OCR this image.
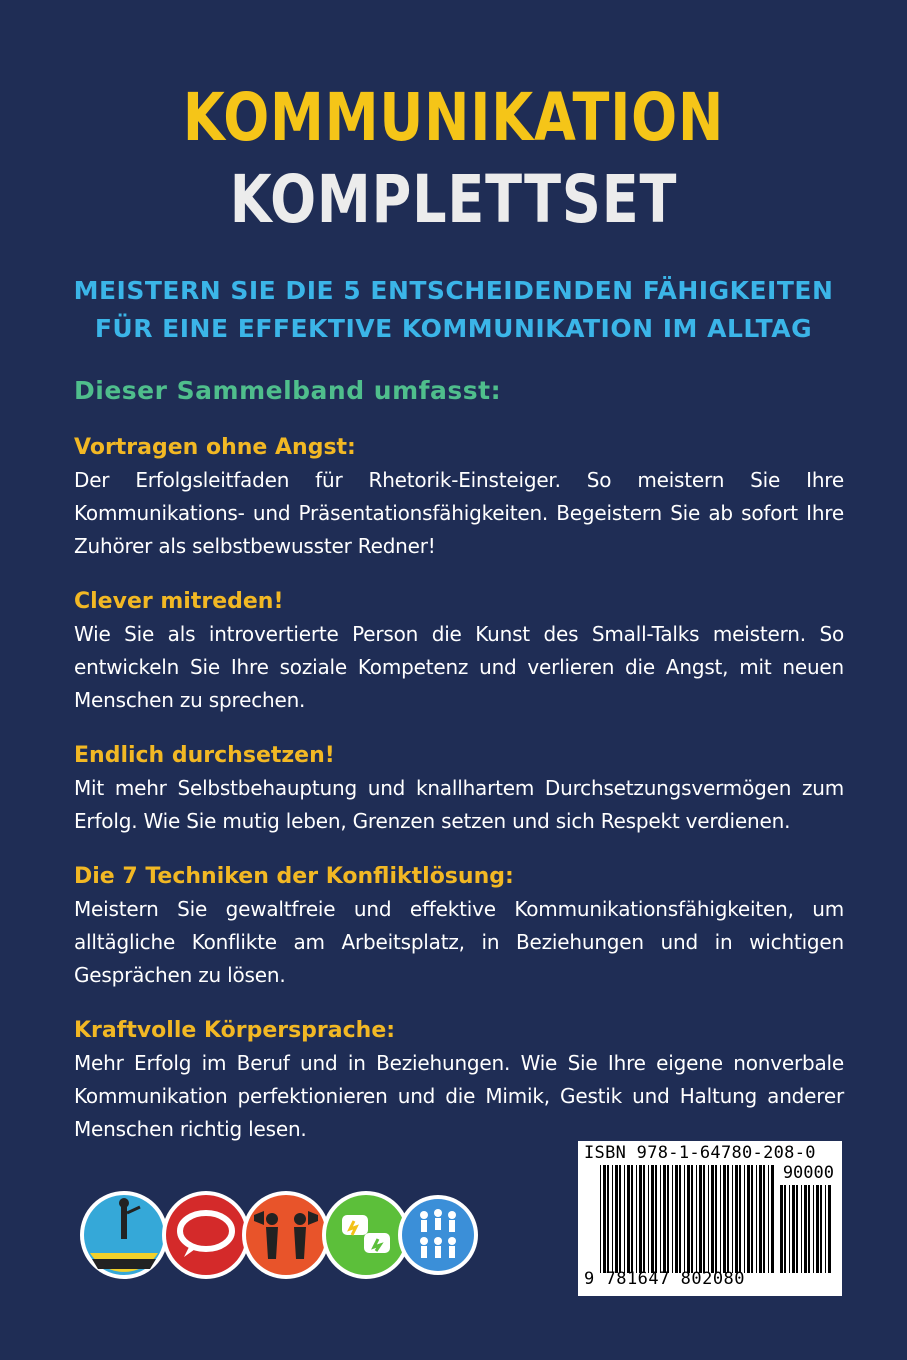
KOMMUNIKATION
KOMPLETTSET
MEISTERN SIE DIE 5 ENTSCHEIDENDEN FÄHIGKEITEN
FÜR EINE EFFEKTIVE KOMMUNIKATION IM ALLTAG
Dieser Sammelband umfasst:
Vortragen ohne Angst:
Der Erfolgsleitfaden für Rhetorik-Einsteiger. So meistern Sie Ihre Kommunikations- und Präsentationsfähigkeiten. Begeistern Sie ab sofort Ihre Zuhörer als selbstbewusster Redner!
Clever mitreden!
Wie Sie als introvertierte Person die Kunst des Small-Talks meistern. So entwickeln Sie Ihre soziale Kompetenz und verlieren die Angst, mit neuen Menschen zu sprechen.
Endlich durchsetzen!
Mit mehr Selbstbehauptung und knallhartem Durchsetzungsvermögen zum Erfolg. Wie Sie mutig leben, Grenzen setzen und sich Respekt verdienen.
Die 7 Techniken der Konfliktlösung:
Meistern Sie gewaltfreie und effektive Kommunikationsfähigkeiten, um alltägliche Konflikte am Arbeitsplatz, in Beziehungen und in wichtigen Gesprächen zu lösen.
Kraftvolle Körpersprache:
Mehr Erfolg im Beruf und in Beziehungen. Wie Sie Ihre eigene nonverbale Kommunikation perfektionieren und die Mimik, Gestik und Haltung anderer Menschen richtig lesen.
ISBN 978-1-64780-208-0
90000
9 781647 802080
